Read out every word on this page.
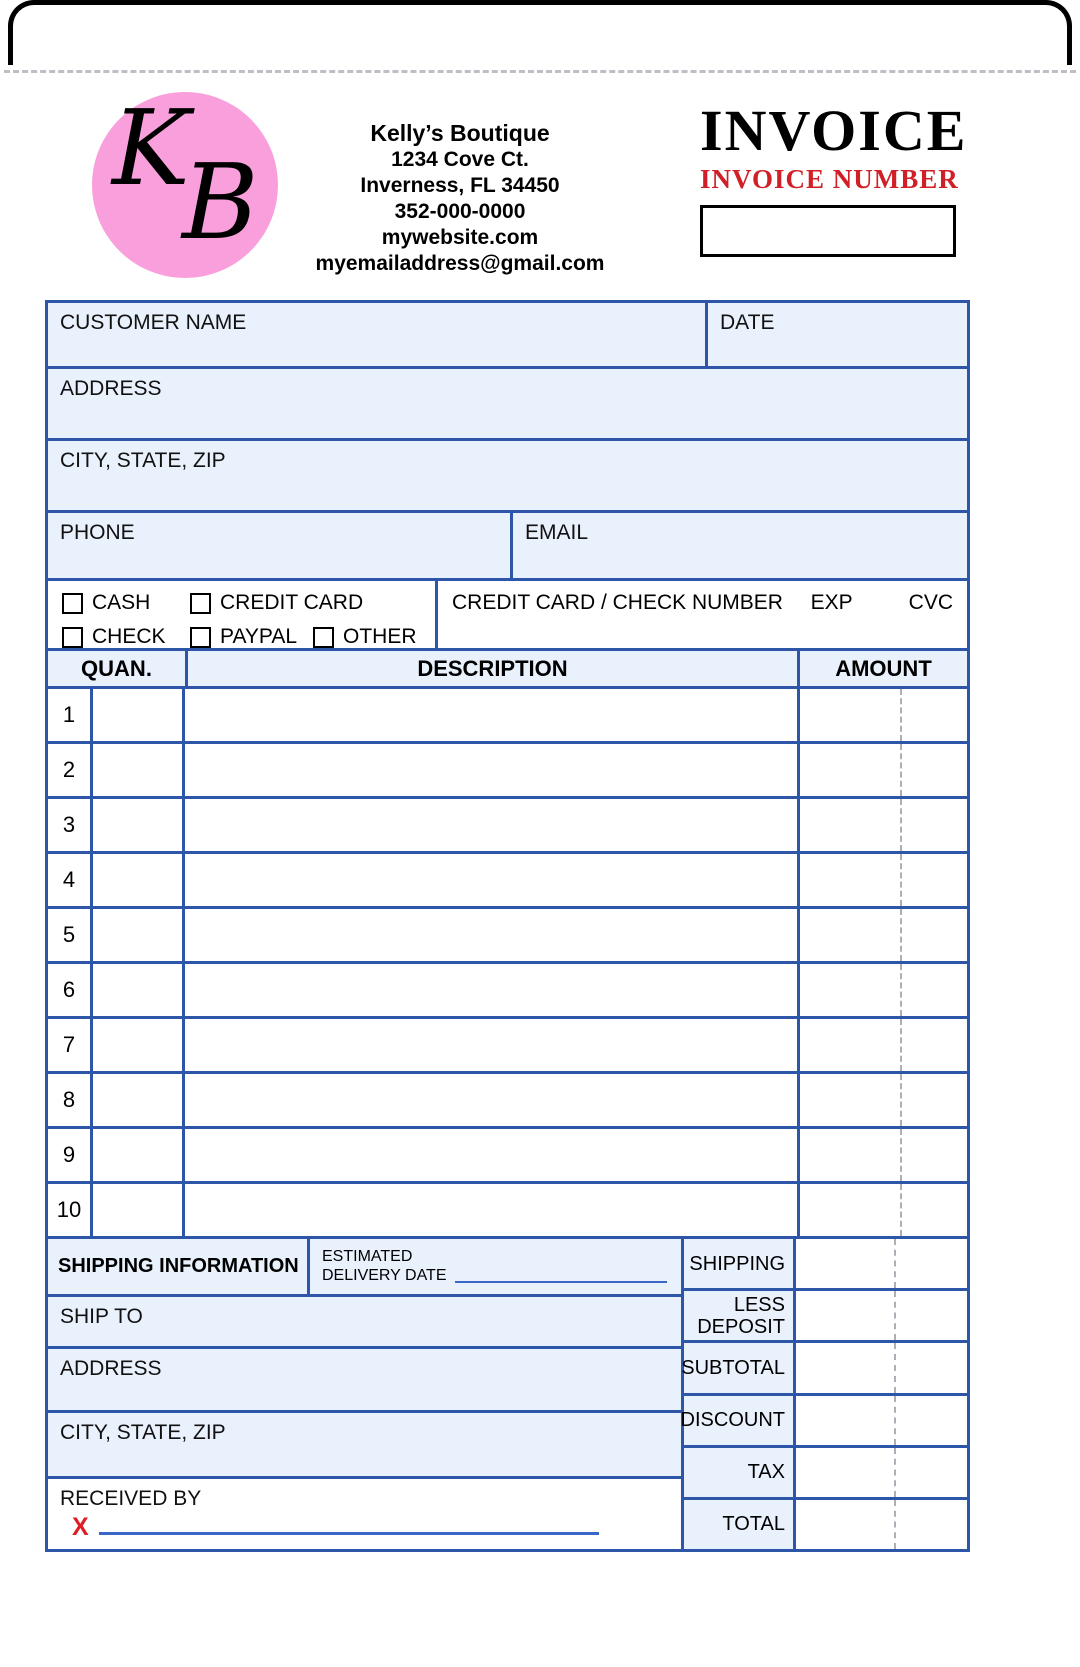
K
B
Kelly’s Boutique
1234 Cove Ct.
Inverness, FL 34450
352-000-0000
mywebsite.com
myemailaddress@gmail.com
INVOICE
INVOICE NUMBER
CUSTOMER NAME	DATE
ADDRESS
CITY, STATE, ZIP
PHONE	EMAIL
CASH	CREDIT CARD
CHECK	PAYPAL OTHER
CREDIT CARD / CHECK NUMBER EXP	CVC
QUAN.	DESCRIPTION	AMOUNT
1
2
3
4
5
6
7
8
9
10
SHIPPING INFORMATION	ESTIMATED
DELIVERY DATE
SHIP TO
ADDRESS
CITY, STATE, ZIP
RECEIVED BY
X
SHIPPING
LESS DEPOSIT
SUBTOTAL
DISCOUNT
TAX
TOTAL
